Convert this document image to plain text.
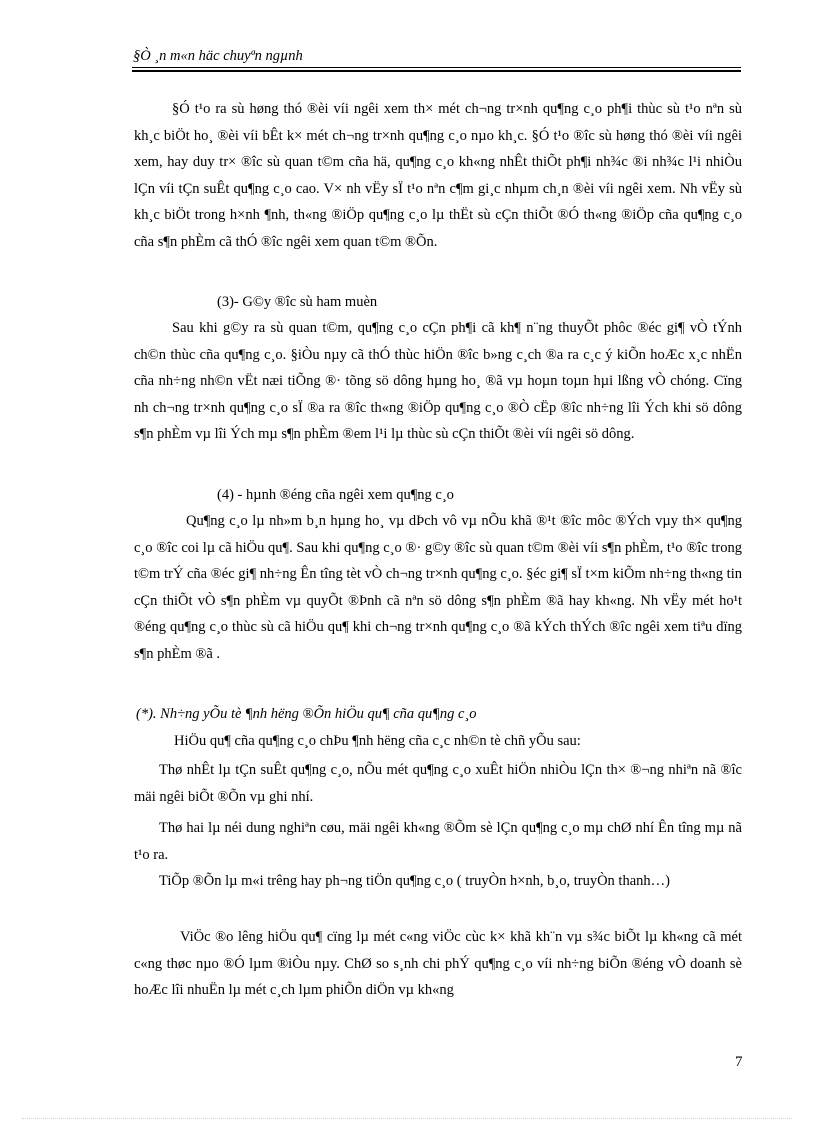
§Ò ¸n m«n häc chuyªn ngµnh

§Ó t¹o ra sù høng thó ®èi víi ngêi xem th× mét ch¬ng tr×nh qu¶ng c¸o ph¶i thùc sù t¹o nªn sù kh¸c biÖt ho¸ ®èi víi bÊt k× mét ch¬ng tr×nh qu¶ng c¸o nµo kh¸c. §Ó t¹o ®îc sù høng thó ®èi víi ngêi xem, hay duy tr× ®îc sù quan t©m cña hä, qu¶ng c¸o kh«ng nhÊt thiÕt ph¶i nh¾c ®i nh¾c l¹i nhiÒu lÇn víi tÇn suÊt qu¶ng c¸o cao. V× nh vËy sÏ t¹o nªn c¶m gi¸c nhµm ch¸n ®èi víi ngêi xem. Nh vËy sù kh¸c biÖt trong h×nh ¶nh, th«ng ®iÖp qu¶ng c¸o lµ thËt sù cÇn thiÕt ®Ó th«ng ®iÖp cña qu¶ng c¸o cña s¶n phÈm cã thÓ ®îc ngêi xem quan t©m ®Õn.

(3)- G©y ®îc sù ham muèn

Sau khi g©y ra sù quan t©m, qu¶ng c¸o cÇn ph¶i cã kh¶ n¨ng thuyÕt phôc ®éc gi¶ vÒ tÝnh ch©n thùc cña qu¶ng c¸o. §iÒu nµy cã thÓ thùc hiÖn ®îc b»ng c¸ch ®a ra c¸c ý kiÕn hoÆc x¸c nhËn cña nh÷ng nh©n vËt næi tiÕng ®· tõng sö dông hµng ho¸ ®ã vµ hoµn toµn hµi lßng vÒ chóng. Cïng nh ch¬ng tr×nh qu¶ng c¸o sÏ ®a ra ®îc th«ng ®iÖp qu¶ng c¸o ®Ò cËp ®îc nh÷ng lîi Ých khi sö dông s¶n phÈm vµ lîi Ých mµ s¶n phÈm ®em l¹i lµ thùc sù cÇn thiÕt ®èi víi ngêi sö dông.

(4) - hµnh ®éng cña ngêi xem qu¶ng c¸o

Qu¶ng c¸o lµ nh»m b¸n hµng ho¸ vµ dÞch vô vµ nÕu khã ®¹t ®îc môc ®Ých vµy th× qu¶ng c¸o ®îc coi lµ cã hiÖu qu¶. Sau khi qu¶ng c¸o ®· g©y ®îc sù quan t©m ®èi víi s¶n phÈm, t¹o ®îc trong t©m trÝ cña ®éc gi¶ nh÷ng Ên tîng tèt vÒ ch¬ng tr×nh qu¶ng c¸o. §éc gi¶ sÏ t×m kiÕm nh÷ng th«ng tin cÇn thiÕt vÒ s¶n phÈm vµ quyÕt ®Þnh cã nªn sö dông s¶n phÈm ®ã hay kh«ng. Nh vËy mét ho¹t ®éng qu¶ng c¸o thùc sù cã hiÖu qu¶ khi ch¬ng tr×nh qu¶ng c¸o ®ã kÝch thÝch ®îc ngêi xem tiªu dïng s¶n phÈm ®ã .

(*). Nh÷ng yÕu tè ¶nh hëng ®Õn hiÖu qu¶ cña qu¶ng c¸o

HiÖu qu¶ cña qu¶ng c¸o chÞu ¶nh hëng cña c¸c nh©n tè chñ yÕu sau:

Thø nhÊt lµ tÇn suÊt qu¶ng c¸o, nÕu mét qu¶ng c¸o xuÊt hiÖn nhiÒu lÇn th× ®¬ng nhiªn nã ®îc mäi ngêi biÕt ®Õn vµ ghi nhí.

Thø hai lµ néi dung nghiªn cøu, mäi ngêi kh«ng ®Õm sè lÇn qu¶ng c¸o mµ chØ nhí Ên tîng mµ nã t¹o ra.

TiÕp ®Õn lµ m«i trêng hay ph¬ng tiÖn qu¶ng c¸o ( truyÒn h×nh, b¸o, truyÒn thanh…)

ViÖc ®o lêng hiÖu qu¶ cïng lµ mét c«ng viÖc cùc k× khã kh¨n vµ s¾c biÕt lµ kh«ng cã mét c«ng thøc nµo ®Ó lµm ®iÒu nµy. ChØ so s¸nh chi phÝ qu¶ng c¸o víi nh÷ng biÕn ®éng vÒ doanh sè hoÆc lîi nhuËn lµ mét c¸ch lµm phiÕn diÖn vµ kh«ng

7
